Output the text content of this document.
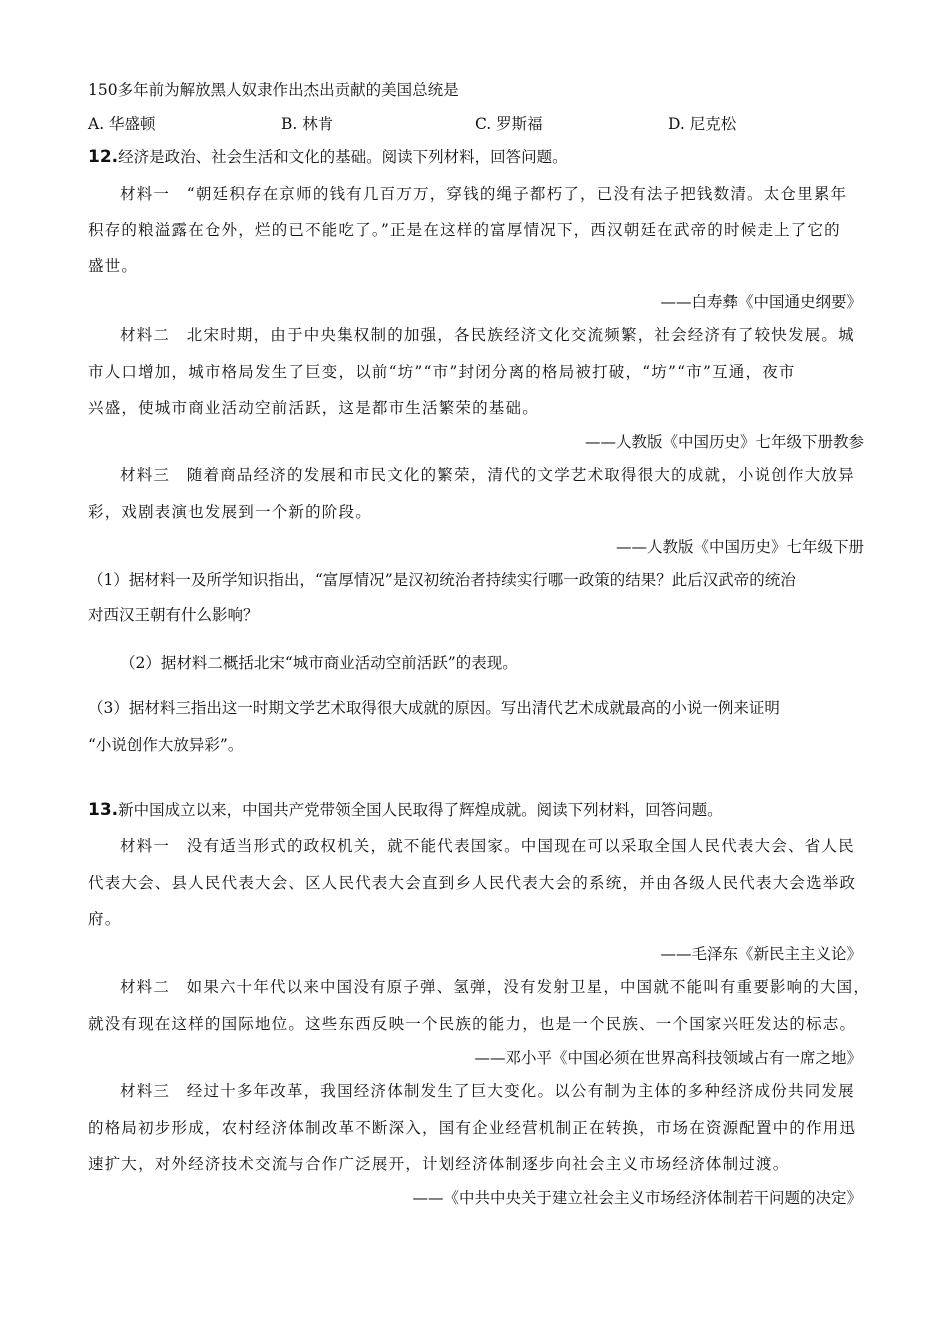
150多年前为解放黑人奴隶作出杰出贡献的美国总统是
A. 华盛顿	B. 林肯	C. 罗斯福	D. 尼克松
12.经济是政治、社会生活和文化的基础。阅读下列材料，回答问题。
材料一　“朝廷积存在京师的钱有几百万万，穿钱的绳子都朽了，已没有法子把钱数清。太仓里累年
积存的粮溢露在仓外，烂的已不能吃了。”正是在这样的富厚情况下，西汉朝廷在武帝的时候走上了它的
盛世。
——白寿彝《中国通史纲要》
材料二　北宋时期，由于中央集权制的加强，各民族经济文化交流频繁，社会经济有了较快发展。城
市人口增加，城市格局发生了巨变，以前“坊”“市”封闭分离的格局被打破，“坊”“市”互通，夜市
兴盛，使城市商业活动空前活跃，这是都市生活繁荣的基础。
——人教版《中国历史》七年级下册教参
材料三　随着商品经济的发展和市民文化的繁荣，清代的文学艺术取得很大的成就，小说创作大放异
彩，戏剧表演也发展到一个新的阶段。
——人教版《中国历史》七年级下册
（1）据材料一及所学知识指出，“富厚情况”是汉初统治者持续实行哪一政策的结果？此后汉武帝的统治
对西汉王朝有什么影响？
（2）据材料二概括北宋“城市商业活动空前活跃”的表现。
（3）据材料三指出这一时期文学艺术取得很大成就的原因。写出清代艺术成就最高的小说一例来证明
“小说创作大放异彩”。
13.新中国成立以来，中国共产党带领全国人民取得了辉煌成就。阅读下列材料，回答问题。
材料一　没有适当形式的政权机关，就不能代表国家。中国现在可以采取全国人民代表大会、省人民
代表大会、县人民代表大会、区人民代表大会直到乡人民代表大会的系统，并由各级人民代表大会选举政
府。
——毛泽东《新民主主义论》
材料二　如果六十年代以来中国没有原子弹、氢弹，没有发射卫星，中国就不能叫有重要影响的大国，
就没有现在这样的国际地位。这些东西反映一个民族的能力，也是一个民族、一个国家兴旺发达的标志。
——邓小平《中国必须在世界高科技领域占有一席之地》
材料三　经过十多年改革，我国经济体制发生了巨大变化。以公有制为主体的多种经济成份共同发展
的格局初步形成，农村经济体制改革不断深入，国有企业经营机制正在转换，市场在资源配置中的作用迅
速扩大，对外经济技术交流与合作广泛展开，计划经济体制逐步向社会主义市场经济体制过渡。
——《中共中央关于建立社会主义市场经济体制若干问题的决定》
